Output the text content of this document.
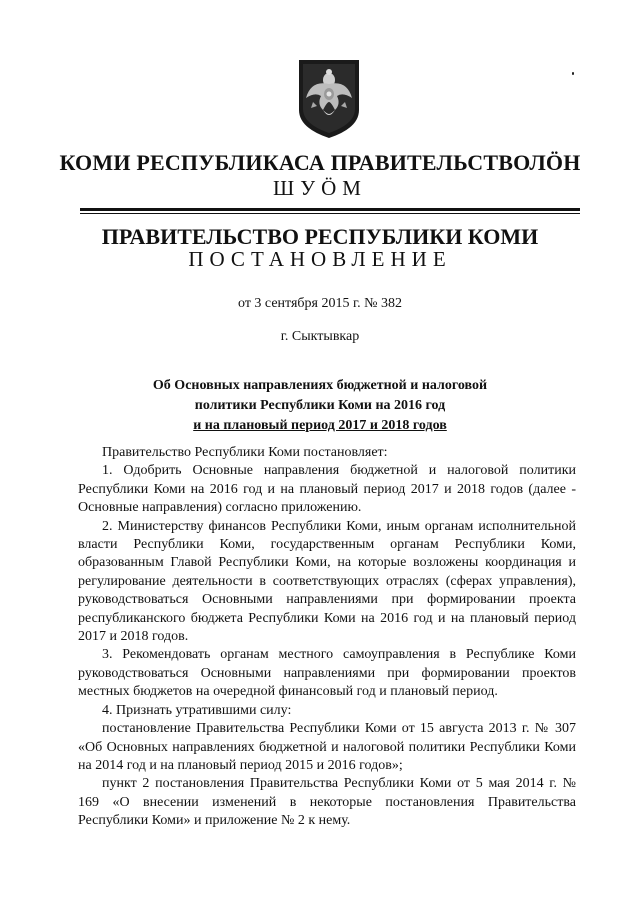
КОМИ РЕСПУБЛИКАСА ПРАВИТЕЛЬСТВОЛÖН
ШУÖМ
ПРАВИТЕЛЬСТВО РЕСПУБЛИКИ КОМИ
ПОСТАНОВЛЕНИЕ
от 3 сентября 2015 г. № 382
г. Сыктывкар
Об Основных направлениях бюджетной и налоговой
политики Республики Коми на 2016 год
и на плановый период 2017 и 2018 годов

Правительство Республики Коми постановляет:

1. Одобрить Основные направления бюджетной и налоговой политики Республики Коми на 2016 год и на плановый период 2017 и 2018 годов (далее - Основные направления) согласно приложению.

2. Министерству финансов Республики Коми, иным органам исполнительной власти Республики Коми, государственным органам Республики Коми, образованным Главой Республики Коми, на которые возложены координация и регулирование деятельности в соответствующих отраслях (сферах управления), руководствоваться Основными направлениями при формировании проекта республиканского бюджета Республики Коми на 2016 год и на плановый период 2017 и 2018 годов.

3. Рекомендовать органам местного самоуправления в Республике Коми руководствоваться Основными направлениями при формировании проектов местных бюджетов на очередной финансовый год и плановый период.

4. Признать утратившими силу:

постановление Правительства Республики Коми от 15 августа 2013 г. № 307 «Об Основных направлениях бюджетной и налоговой политики Республики Коми на 2014 год и на плановый период 2015 и 2016 годов»;

пункт 2 постановления Правительства Республики Коми от 5 мая 2014 г. № 169 «О внесении изменений в некоторые постановления Правительства Республики Коми» и приложение № 2 к нему.
